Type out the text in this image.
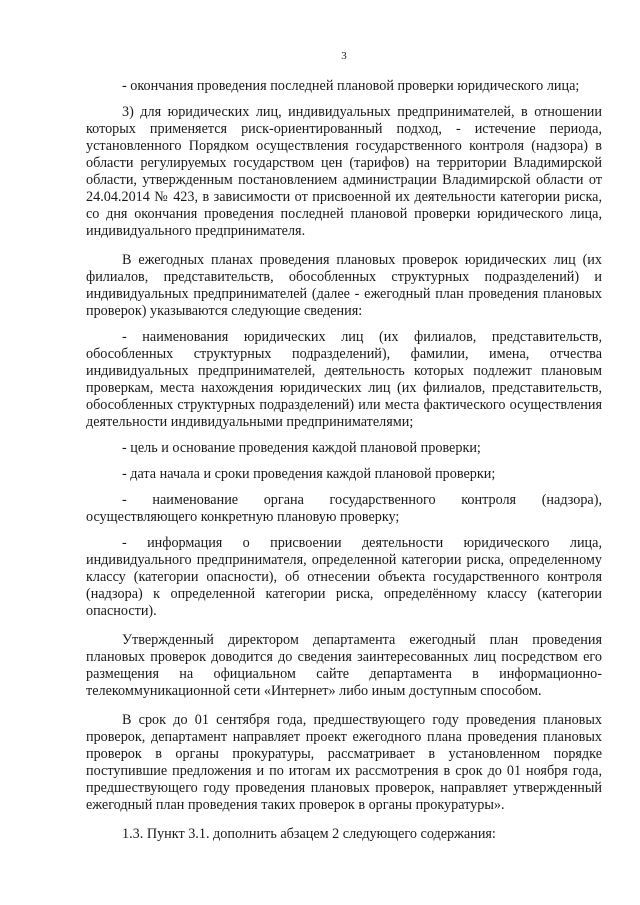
3

- окончания проведения последней плановой проверки юридического лица;

3) для юридических лиц, индивидуальных предпринимателей, в отношении которых применяется риск-ориентированный подход, - истечение периода, установленного Порядком осуществления государственного контроля (надзора) в области регулируемых государством цен (тарифов) на территории Владимирской области, утвержденным постановлением администрации Владимирской области от 24.04.2014 № 423, в зависимости от присвоенной их деятельности категории риска, со дня окончания проведения последней плановой проверки юридического лица, индивидуального предпринимателя.

В ежегодных планах проведения плановых проверок юридических лиц (их филиалов, представительств, обособленных структурных подразделений) и индивидуальных предпринимателей (далее - ежегодный план проведения плановых проверок) указываются следующие сведения:

- наименования юридических лиц (их филиалов, представительств, обособленных структурных подразделений), фамилии, имена, отчества индивидуальных предпринимателей, деятельность которых подлежит плановым проверкам, места нахождения юридических лиц (их филиалов, представительств, обособленных структурных подразделений) или места фактического осуществления деятельности индивидуальными предпринимателями;

- цель и основание проведения каждой плановой проверки;

- дата начала и сроки проведения каждой плановой проверки;

- наименование органа государственного контроля (надзора), осуществляющего конкретную плановую проверку;

- информация о присвоении деятельности юридического лица, индивидуального предпринимателя, определенной категории риска, определенному классу (категории опасности), об отнесении объекта государственного контроля (надзора) к определенной категории риска, определённому классу (категории опасности).

Утвержденный директором департамента ежегодный план проведения плановых проверок доводится до сведения заинтересованных лиц посредством его размещения на официальном сайте департамента в информационно-телекоммуникационной сети «Интернет» либо иным доступным способом.

В срок до 01 сентября года, предшествующего году проведения плановых проверок, департамент направляет проект ежегодного плана проведения плановых проверок в органы прокуратуры, рассматривает в установленном порядке поступившие предложения и по итогам их рассмотрения в срок до 01 ноября года, предшествующего году проведения плановых проверок, направляет утвержденный ежегодный план проведения таких проверок в органы прокуратуры».

1.3. Пункт 3.1. дополнить абзацем 2 следующего содержания:
